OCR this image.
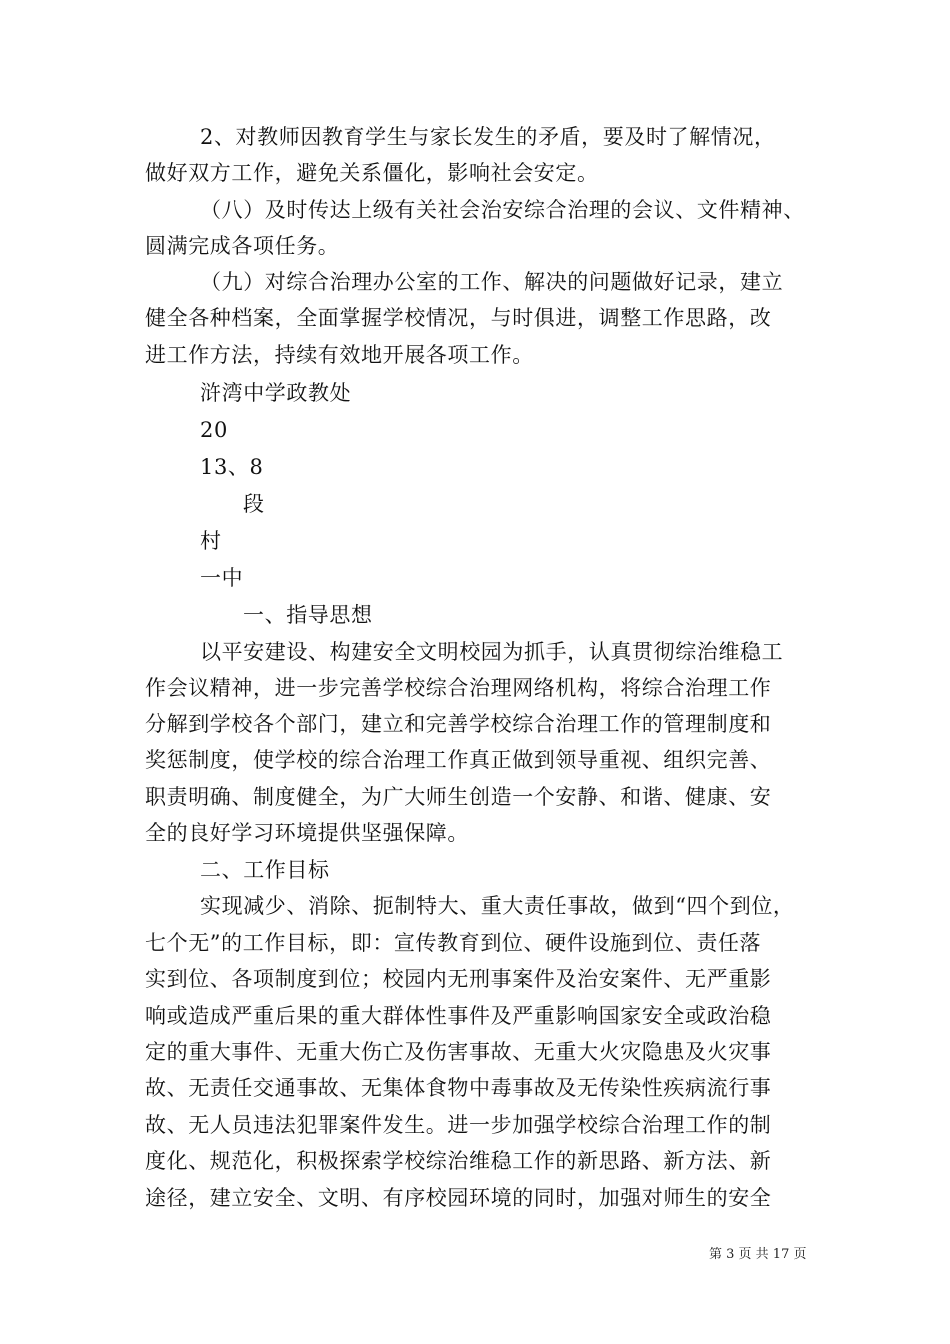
2、对教师因教育学生与家长发生的矛盾，要及时了解情况，
做好双方工作，避免关系僵化，影响社会安定。
（八）及时传达上级有关社会治安综合治理的会议、文件精神、
圆满完成各项任务。
（九）对综合治理办公室的工作、解决的问题做好记录，建立
健全各种档案，全面掌握学校情况，与时俱进，调整工作思路，改
进工作方法，持续有效地开展各项工作。
浒湾中学政教处
20
13、8
段
村
一中
一、指导思想
以平安建设、构建安全文明校园为抓手，认真贯彻综治维稳工
作会议精神，进一步完善学校综合治理网络机构，将综合治理工作
分解到学校各个部门，建立和完善学校综合治理工作的管理制度和
奖惩制度，使学校的综合治理工作真正做到领导重视、组织完善、
职责明确、制度健全，为广大师生创造一个安静、和谐、健康、安
全的良好学习环境提供坚强保障。
二、工作目标
实现减少、消除、扼制特大、重大责任事故，做到“四个到位，
七个无”的工作目标，即：宣传教育到位、硬件设施到位、责任落
实到位、各项制度到位；校园内无刑事案件及治安案件、无严重影
响或造成严重后果的重大群体性事件及严重影响国家安全或政治稳
定的重大事件、无重大伤亡及伤害事故、无重大火灾隐患及火灾事
故、无责任交通事故、无集体食物中毒事故及无传染性疾病流行事
故、无人员违法犯罪案件发生。进一步加强学校综合治理工作的制
度化、规范化，积极探索学校综治维稳工作的新思路、新方法、新
途径，建立安全、文明、有序校园环境的同时，加强对师生的安全
第 3 页 共 17 页
